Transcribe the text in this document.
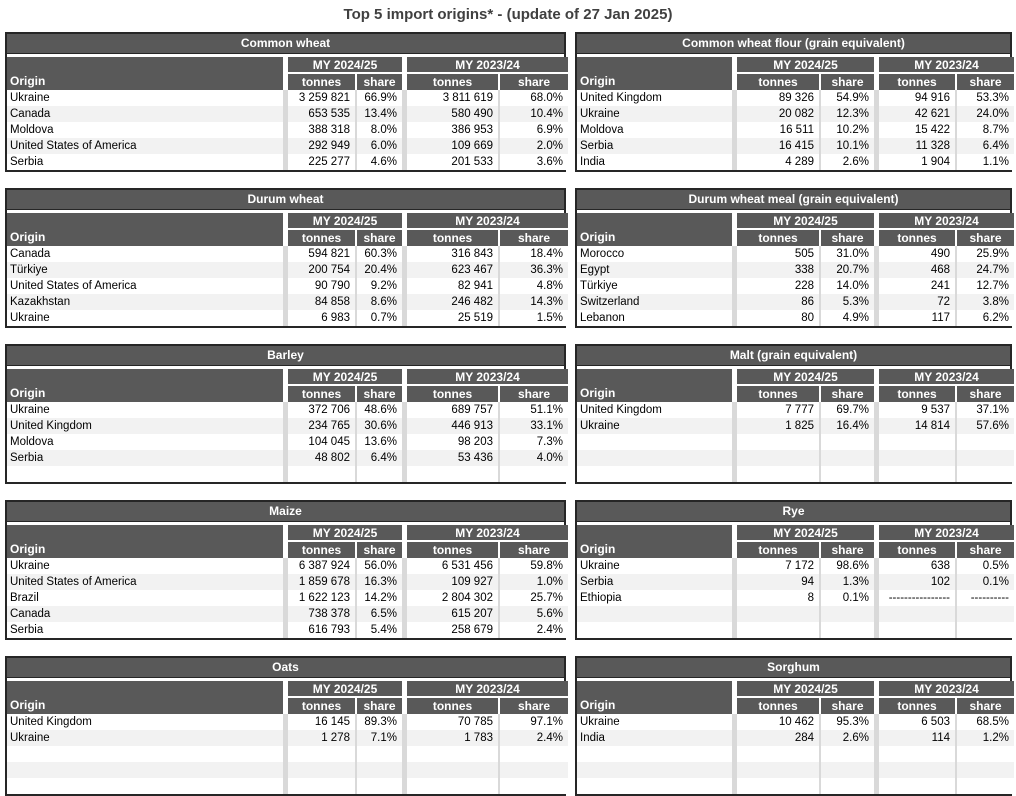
Top 5 import origins* - (update of 27 Jan 2025)
Common wheat
Origin		MY 2024/25				MY 2023/24		
		tonnes		share		tonnes		share
Ukraine		3 259 821		66.9%		3 811 619		68.0%
Canada		653 535		13.4%		580 490		10.4%
Moldova		388 318		8.0%		386 953		6.9%
United States of America		292 949		6.0%		109 669		2.0%
Serbia		225 277		4.6%		201 533		3.6%
Common wheat flour (grain equivalent)
Origin		MY 2024/25				MY 2023/24		
		tonnes		share		tonnes		share
United Kingdom		89 326		54.9%		94 916		53.3%
Ukraine		20 082		12.3%		42 621		24.0%
Moldova		16 511		10.2%		15 422		8.7%
Serbia		16 415		10.1%		11 328		6.4%
India		4 289		2.6%		1 904		1.1%
Durum wheat
Origin		MY 2024/25				MY 2023/24		
		tonnes		share		tonnes		share
Canada		594 821		60.3%		316 843		18.4%
Türkiye		200 754		20.4%		623 467		36.3%
United States of America		90 790		9.2%		82 941		4.8%
Kazakhstan		84 858		8.6%		246 482		14.3%
Ukraine		6 983		0.7%		25 519		1.5%
Durum wheat meal (grain equivalent)
Origin		MY 2024/25				MY 2023/24		
		tonnes		share		tonnes		share
Morocco		505		31.0%		490		25.9%
Egypt		338		20.7%		468		24.7%
Türkiye		228		14.0%		241		12.7%
Switzerland		86		5.3%		72		3.8%
Lebanon		80		4.9%		117		6.2%
Barley
Origin		MY 2024/25				MY 2023/24		
		tonnes		share		tonnes		share
Ukraine		372 706		48.6%		689 757		51.1%
United Kingdom		234 765		30.6%		446 913		33.1%
Moldova		104 045		13.6%		98 203		7.3%
Serbia		48 802		6.4%		53 436		4.0%

Malt (grain equivalent)
Origin		MY 2024/25				MY 2023/24		
		tonnes		share		tonnes		share
United Kingdom		7 777		69.7%		9 537		37.1%
Ukraine		1 825		16.4%		14 814		57.6%

Maize
Origin		MY 2024/25				MY 2023/24		
		tonnes		share		tonnes		share
Ukraine		6 387 924		56.0%		6 531 456		59.8%
United States of America		1 859 678		16.3%		109 927		1.0%
Brazil		1 622 123		14.2%		2 804 302		25.7%
Canada		738 378		6.5%		615 207		5.6%
Serbia		616 793		5.4%		258 679		2.4%
Rye
Origin		MY 2024/25				MY 2023/24		
		tonnes		share		tonnes		share
Ukraine		7 172		98.6%		638		0.5%
Serbia		94		1.3%		102		0.1%
Ethiopia		8		0.1%		----------------		----------

Oats
Origin		MY 2024/25				MY 2023/24		
		tonnes		share		tonnes		share
United Kingdom		16 145		89.3%		70 785		97.1%
Ukraine		1 278		7.1%		1 783		2.4%

Sorghum
Origin		MY 2024/25				MY 2023/24		
		tonnes		share		tonnes		share
Ukraine		10 462		95.3%		6 503		68.5%
India		284		2.6%		114		1.2%
